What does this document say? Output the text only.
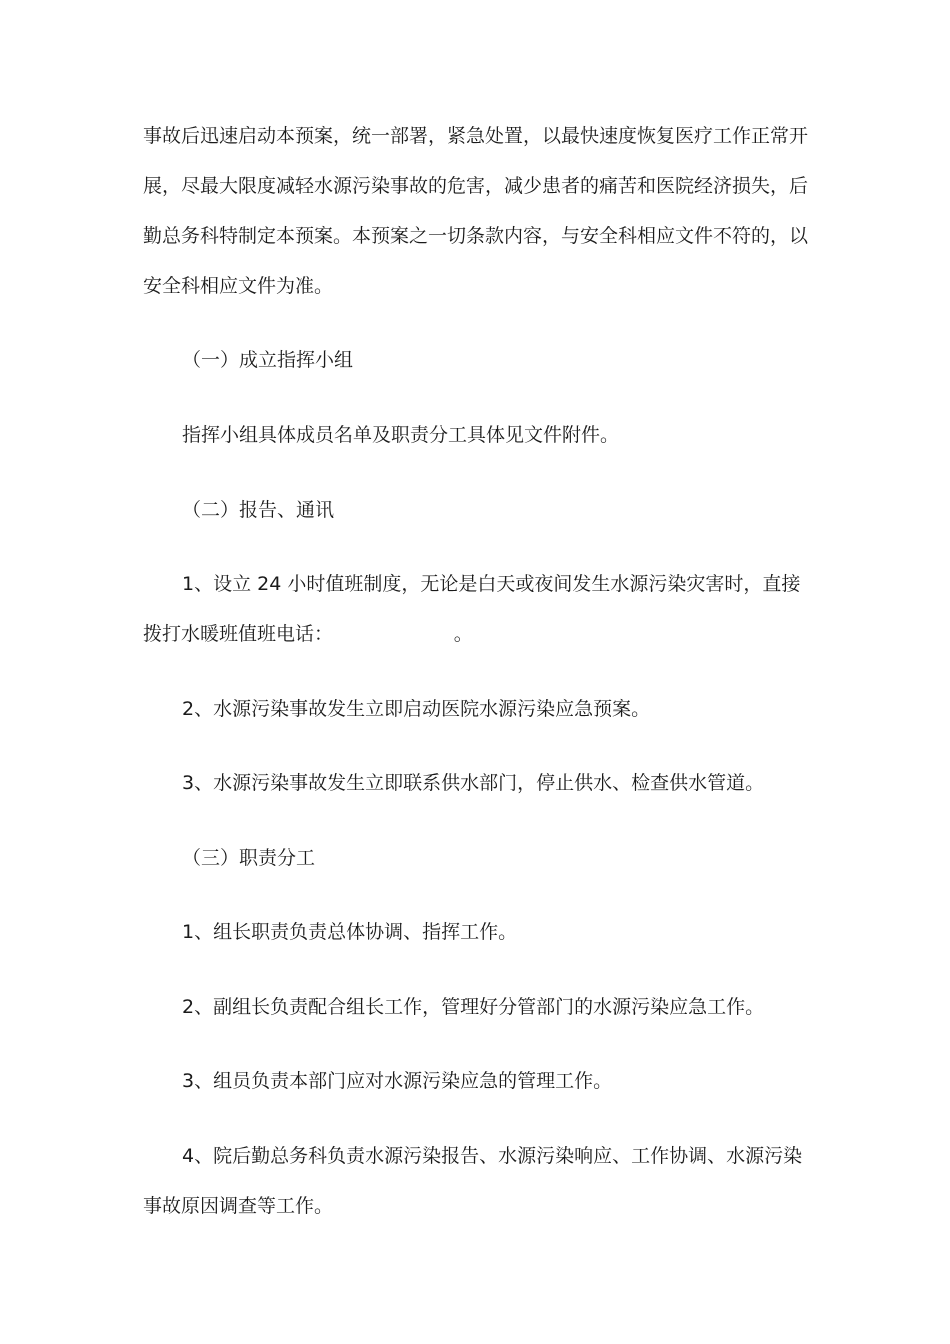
事故后迅速启动本预案，统一部署，紧急处置，以最快速度恢复医疗工作正常开
展，尽最大限度减轻水源污染事故的危害，减少患者的痛苦和医院经济损失，后
勤总务科特制定本预案。本预案之一切条款内容，与安全科相应文件不符的，以
安全科相应文件为准。
（一）成立指挥小组
指挥小组具体成员名单及职责分工具体见文件附件。
（二）报告、通讯
1、设立 24 小时值班制度，无论是白天或夜间发生水源污染灾害时，直接
拨打水暖班值班电话：                    。
2、水源污染事故发生立即启动医院水源污染应急预案。
3、水源污染事故发生立即联系供水部门，停止供水、检查供水管道。
（三）职责分工
1、组长职责负责总体协调、指挥工作。
2、副组长负责配合组长工作，管理好分管部门的水源污染应急工作。
3、组员负责本部门应对水源污染应急的管理工作。
4、院后勤总务科负责水源污染报告、水源污染响应、工作协调、水源污染
事故原因调查等工作。
